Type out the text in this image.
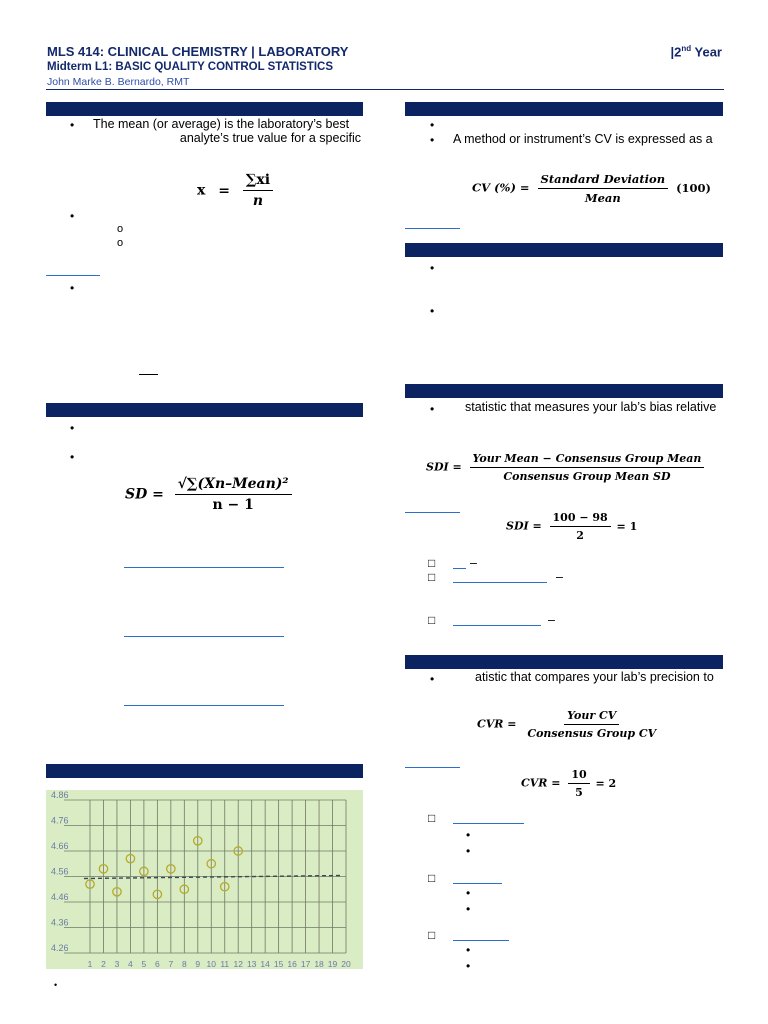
MLS 414: CLINICAL CHEMISTRY | LABORATORY	|2nd Year
Midterm L1: BASIC QUALITY CONTROL STATISTICS
John Marke B. Bernardo, RMT
• The mean (or average) is the laboratory’s best
analyte’s true value for a specific
$x = \frac{\sum xi}{n}$
•
o
o
•
•
•
SD = $\frac{\text{√∑(Xn–Mean)²}}{n - 1}$
4.86
4.76
4.66
4.56
4.46
4.36
4.26
1 2 3 4 5 6 7 8 9 10 11 12 13 14 15 16 17 18 19 20
•
•
• A method or instrument’s CV is expressed as a
CV (%) = $\frac{\text{Standard Deviation}}{\text{Mean}} (100)$
•
•
• statistic that measures your lab’s bias relative
SDI = $\frac{\text{Your Mean − Consensus Group Mean}}{\text{Consensus Group Mean SD}}$
SDI = $\frac{100 - 98}{2} = 1$
□	–
□	–
□	–
•	atistic that compares your lab’s precision to
CVR = $\frac{\text{Your CV}}{\text{Consensus Group CV}}$
CVR = $\frac{10}{5} = 2$
□
•
•
□
•
•
□
•
•
